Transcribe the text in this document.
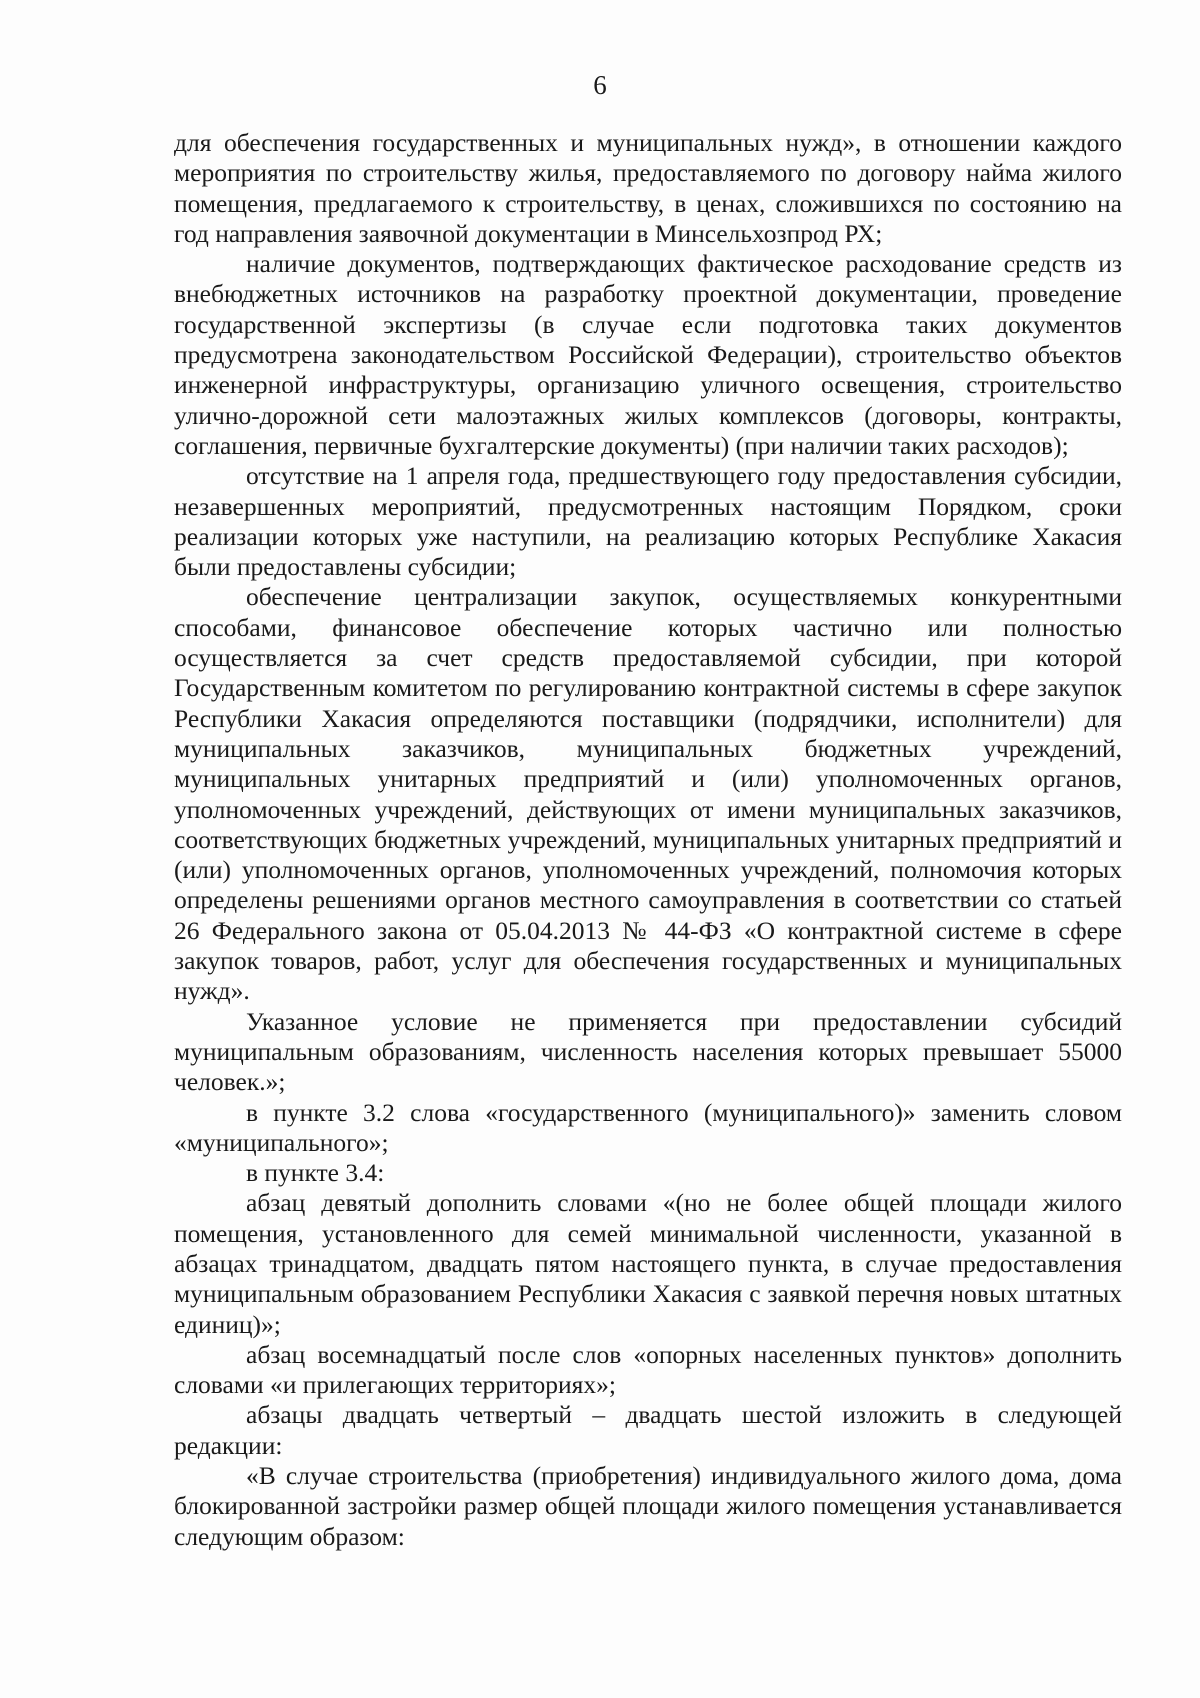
6

для обеспечения государственных и муниципальных нужд», в отношении каждого мероприятия по строительству жилья, предоставляемого по договору найма жилого помещения, предлагаемого к строительству, в ценах, сложившихся по состоянию на год направления заявочной документации в Минсельхозпрод РХ;

наличие документов, подтверждающих фактическое расходование средств из внебюджетных источников на разработку проектной документации, проведение государственной экспертизы (в случае если подготовка таких документов предусмотрена законодательством Российской Федерации), строительство объектов инженерной инфраструктуры, организацию уличного освещения, строительство улично-дорожной сети малоэтажных жилых комплексов (договоры, контракты, соглашения, первичные бухгалтерские документы) (при наличии таких расходов);

отсутствие на 1 апреля года, предшествующего году предоставления субсидии, незавершенных мероприятий, предусмотренных настоящим Порядком, сроки реализации которых уже наступили, на реализацию которых Республике Хакасия были предоставлены субсидии;

обеспечение централизации закупок, осуществляемых конкурентными способами, финансовое обеспечение которых частично или полностью осуществляется за счет средств предоставляемой субсидии, при которой Государственным комитетом по регулированию контрактной системы в сфере закупок Республики Хакасия определяются поставщики (подрядчики, исполнители) для муниципальных заказчиков, муниципальных бюджетных учреждений, муниципальных унитарных предприятий и (или) уполномоченных органов, уполномоченных учреждений, действующих от имени муниципальных заказчиков, соответствующих бюджетных учреждений, муниципальных унитарных предприятий и (или) уполномоченных органов, уполномоченных учреждений, полномочия которых определены решениями органов местного самоуправления в соответствии со статьей 26 Федерального закона от 05.04.2013 № 44-ФЗ «О контрактной системе в сфере закупок товаров, работ, услуг для обеспечения государственных и муниципальных нужд».

Указанное условие не применяется при предоставлении субсидий муниципальным образованиям, численность населения которых превышает 55000 человек.»;

в пункте 3.2 слова «государственного (муниципального)» заменить словом «муниципального»;

в пункте 3.4:

абзац девятый дополнить словами «(но не более общей площади жилого помещения, установленного для семей минимальной численности, указанной в абзацах тринадцатом, двадцать пятом настоящего пункта, в случае предоставления муниципальным образованием Республики Хакасия с заявкой перечня новых штатных единиц)»;

абзац восемнадцатый после слов «опорных населенных пунктов» дополнить словами «и прилегающих территориях»;

абзацы двадцать четвертый – двадцать шестой изложить в следующей редакции:

«В случае строительства (приобретения) индивидуального жилого дома, дома блокированной застройки размер общей площади жилого помещения устанавливается следующим образом:
